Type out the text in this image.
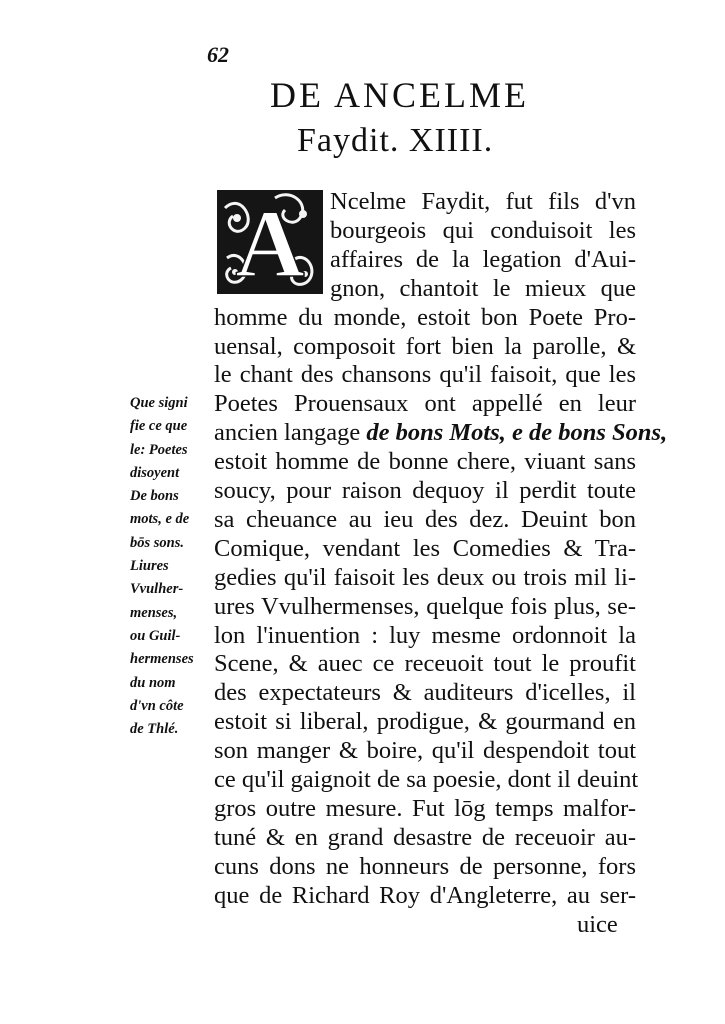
62
DE ANCELME
Faydit. XIIII.
A Ncelme Faydit, fut fils d'vn
bourgeois qui conduisoit les
affaires de la legation d'Aui-
gnon, chantoit le mieux que
homme du monde, estoit bon Poete Pro-
uensal, composoit fort bien la parolle, &
le chant des chansons qu'il faisoit, que les
Poetes Prouensaux ont appellé en leur
ancien langage de bons Mots, e de bons Sons,
estoit homme de bonne chere, viuant sans
soucy, pour raison dequoy il perdit toute
sa cheuance au ieu des dez. Deuint bon
Comique, vendant les Comedies & Tra-
gedies qu'il faisoit les deux ou trois mil li-
ures Vvulhermenses, quelque fois plus, se-
lon l'inuention : luy mesme ordonnoit la
Scene, & auec ce receuoit tout le proufit
des expectateurs & auditeurs d'icelles, il
estoit si liberal, prodigue, & gourmand en
son manger & boire, qu'il despendoit tout
ce qu'il gaignoit de sa poesie, dont il deuint
gros outre mesure. Fut lōg temps malfor-
tuné & en grand desastre de receuoir au-
cuns dons ne honneurs de personne, fors
que de Richard Roy d'Angleterre, au ser-
uice
Que signi
fie ce que
le: Poetes
disoyent
De bons
mots, e de
bōs sons.
Liures
Vvulher-
menses,
ou Guil-
hermenses
du nom
d'vn côte
de Thlé.
